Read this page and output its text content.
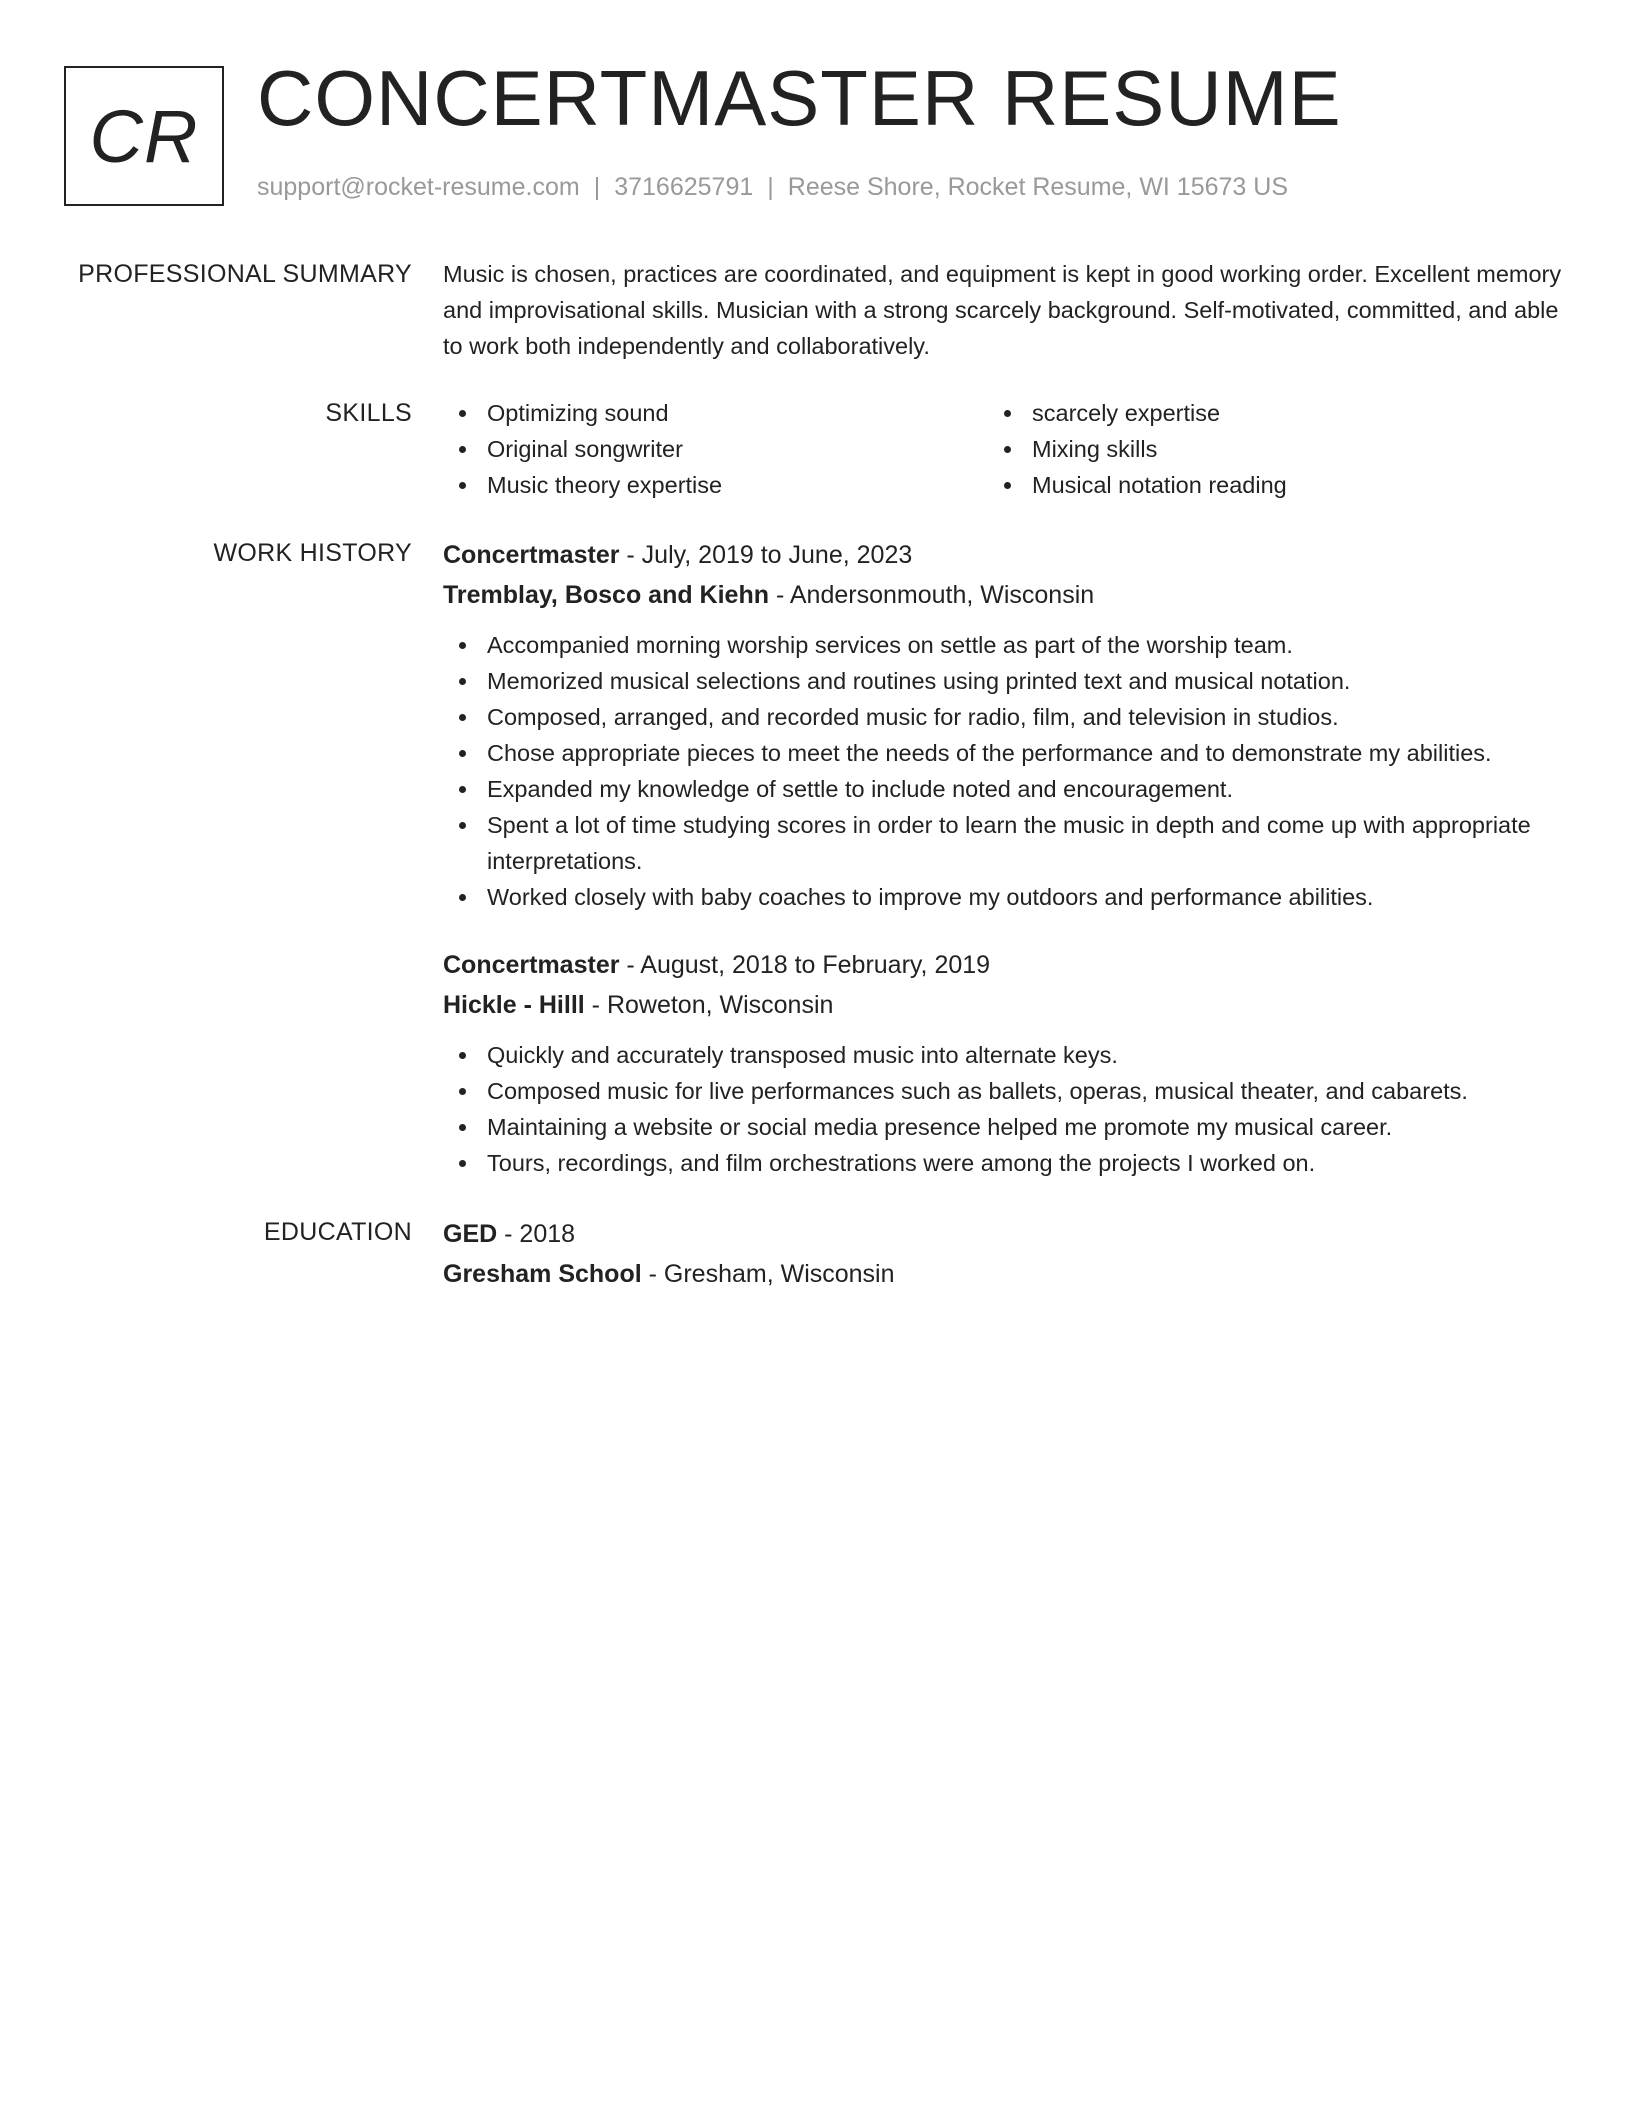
CR CONCERTMASTER RESUME
support@rocket-resume.com | 3716625791 | Reese Shore, Rocket Resume, WI 15673 US
PROFESSIONAL SUMMARY Music is chosen, practices are coordinated, and equipment is kept in good working order. Excellent memory and improvisational skills. Musician with a strong scarcely background. Self-motivated, committed, and able to work both independently and collaboratively.

SKILLS	Optimizing sound
Original songwriter
Music theory expertise
scarcely expertise
Mixing skills
Musical notation reading
WORK HISTORY Concertmaster - July, 2019 to June, 2023
Tremblay, Bosco and Kiehn - Andersonmouth, Wisconsin
Accompanied morning worship services on settle as part of the worship team.
Memorized musical selections and routines using printed text and musical notation.
Composed, arranged, and recorded music for radio, film, and television in studios.
Chose appropriate pieces to meet the needs of the performance and to demonstrate my abilities.
Expanded my knowledge of settle to include noted and encouragement.
Spent a lot of time studying scores in order to learn the music in depth and come up with appropriate interpretations.
Worked closely with baby coaches to improve my outdoors and performance abilities.
Concertmaster - August, 2018 to February, 2019
Hickle - Hilll - Roweton, Wisconsin
Quickly and accurately transposed music into alternate keys.
Composed music for live performances such as ballets, operas, musical theater, and cabarets.
Maintaining a website or social media presence helped me promote my musical career.
Tours, recordings, and film orchestrations were among the projects I worked on.
EDUCATION GED - 2018
Gresham School - Gresham, Wisconsin
